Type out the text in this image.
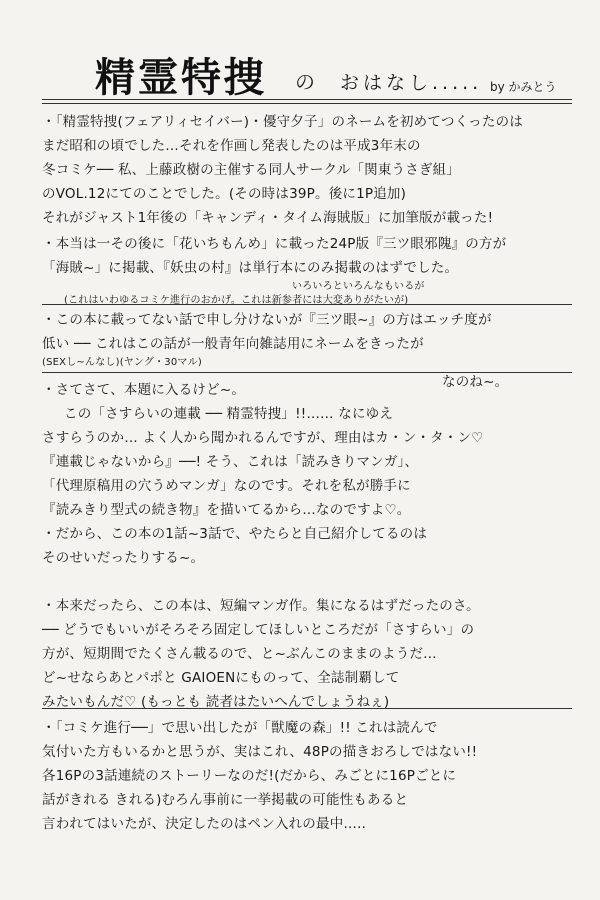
精霊特捜 の おはなし..... by かみとう
・「精霊特捜(フェアリィセイバー)・優守夕子」のネームを初めてつくったのは
まだ昭和の頃でした…それを作画し発表したのは平成3年末の
冬コミケ── 私、上藤政樹の主催する同人サークル「関東うさぎ組」
のVOL.12にてのことでした。(その時は39P。後に1P追加)
それがジャスト1年後の「キャンディ・タイム海賊版」に加筆版が載った!
・本当は一その後に「花いちもんめ」に載った24P版『三ツ眼邪隗』の方が
「海賊~」に掲載、『妖虫の村』は単行本にのみ掲載のはずでした。
いろいろといろんなもいるが
(これはいわゆるコミケ進行のおかげ。これは新参者には大変ありがたいが)
・この本に載ってない話で申し分けないが『三ツ眼~』の方はエッチ度が
低い ── これはこの話が一般青年向雑誌用にネームをきったが
(SEXし~んなし)(ヤング・30マル)
なのね~。
・さてさて、本題に入るけど~。
この「さすらいの連載 ── 精霊特捜」!!…… なにゆえ
さすらうのか… よく人から聞かれるんですが、理由はカ・ン・タ・ン♡
『連載じゃないから』──! そう、これは「読みきりマンガ」、
「代理原稿用の穴うめマンガ」なのです。それを私が勝手に
『読みきり型式の続き物』を描いてるから…なのですよ♡。
・だから、この本の1話~3話で、やたらと自己紹介してるのは
そのせいだったりする~。
・本来だったら、この本は、短編マンガ作。集になるはずだったのさ。
── どうでもいいがそろそろ固定してほしいところだが「さすらい」の
方が、短期間でたくさん載るので、と~ぶんこのままのようだ…
ど~せならあとパポと GAIOENにものって、全誌制覇して
みたいもんだ♡ (もっとも 読者はたいへんでしょうねぇ)
・「コミケ進行──」で思い出したが「獣魔の森」!! これは読んで
気付いた方もいるかと思うが、実はこれ、48Pの描きおろしではない!!
各16Pの3話連続のストーリーなのだ!(だから、みごとに16Pごとに
話がきれる きれる)むろん事前に一挙掲載の可能性もあると
言われてはいたが、決定したのはペン入れの最中…..
